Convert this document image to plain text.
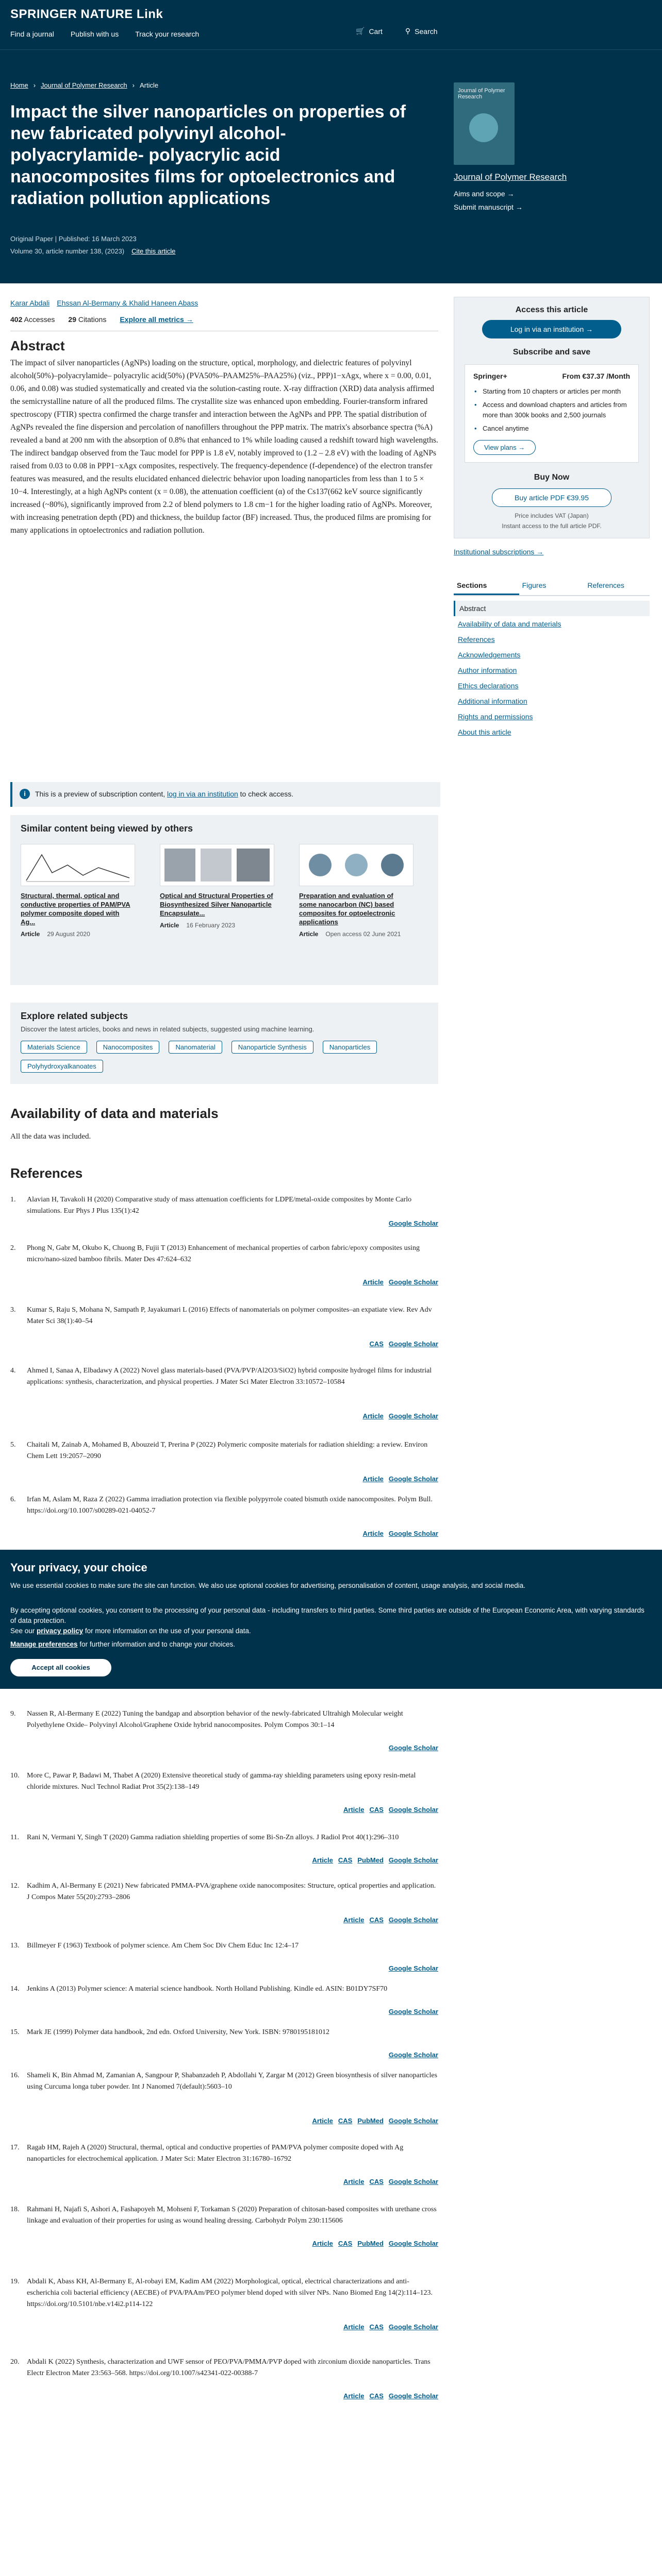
SPRINGER NATURE Link
Find a journal Publish with us Track your research	🛒 Cart	⚲ Search
Home › Journal of Polymer Research › Article
Impact the silver nanoparticles on properties of new fabricated polyvinyl alcohol- polyacrylamide- polyacrylic acid nanocomposites films for optoelectronics and radiation pollution applications
Original Paper | Published: 16 March 2023
Volume 30, article number 138, (2023) Cite this article
Journal of Polymer Research
Journal of Polymer Research
Aims and scope →
Submit manuscript →
Karar Abdali Ehssan Al-Bermany & Khalid Haneen Abass
402 Accesses 29 Citations Explore all metrics →
Abstract

The impact of silver nanoparticles (AgNPs) loading on the structure, optical, morphology, and dielectric features of polyvinyl alcohol(50%)–polyacrylamide– polyacrylic acid(50%) (PVA50%–PAAM25%–PAA25%) (viz., PPP)1−xAgx, where x = 0.00, 0.01, 0.06, and 0.08) was studied systematically and created via the solution-casting route. X-ray diffraction (XRD) data analysis affirmed the semicrystalline nature of all the produced films. The crystallite size was enhanced upon embedding. Fourier-transform infrared spectroscopy (FTIR) spectra confirmed the charge transfer and interaction between the AgNPs and PPP. The spatial distribution of AgNPs revealed the fine dispersion and percolation of nanofillers throughout the PPP matrix. The matrix's absorbance spectra (%A) revealed a band at 200 nm with the absorption of 0.8% that enhanced to 1% while loading caused a redshift toward high wavelengths. The indirect bandgap observed from the Tauc model for PPP is 1.8 eV, notably improved to (1.2 – 2.8 eV) with the loading of AgNPs raised from 0.03 to 0.08 in PPP1−xAgx composites, respectively. The frequency-dependence (f-dependence) of the electron transfer features was measured, and the results elucidated enhanced dielectric behavior upon loading nanoparticles from less than 1 to 5 × 10−4. Interestingly, at a high AgNPs content (x = 0.08), the attenuation coefficient (α) of the Cs137(662 keV source significantly increased (~80%), significantly improved from 2.2 of blend polymers to 1.8 cm−1 for the higher loading ratio of AgNPs. Moreover, with increasing penetration depth (PD) and thickness, the buildup factor (BF) increased. Thus, the produced films are promising for many applications in optoelectronics and radiation pollution.

Access this article
Log in via an institution →
Subscribe and save
Springer+	From €37.37 /Month
• Starting from 10 chapters or articles per month
• Access and download chapters and articles from more than 300k books and 2,500 journals
• Cancel anytime
View plans →
Buy Now
Buy article PDF €39.95
Price includes VAT (Japan)
Instant access to the full article PDF.
Institutional subscriptions →
Sections	Figures	References
Abstract
Availability of data and materials
References
Acknowledgements
Author information
Ethics declarations
Additional information
Rights and permissions
About this article
i	This is a preview of subscription content, log in via an institution to check access.
Similar content being viewed by others
Structural, thermal, optical and conductive properties of PAM/PVA polymer composite doped with Ag...
Article 29 August 2020
Optical and Structural Properties of Biosynthesized Silver Nanoparticle Encapsulate...
Article 16 February 2023
Preparation and evaluation of some nanocarbon (NC) based composites for optoelectronic applications
Article Open access 02 June 2021
Explore related subjects
Discover the latest articles, books and news in related subjects, suggested using machine learning.
Materials Science	Nanocomposites	Nanomaterial	Nanoparticle Synthesis	Nanoparticles
Polyhydroxyalkanoates
Availability of data and materials
All the data was included.
References
1.	Alavian H, Tavakoli H (2020) Comparative study of mass attenuation coefficients for LDPE/metal-oxide composites by Monte Carlo simulations. Eur Phys J Plus 135(1):42
Google Scholar
2.	Phong N, Gabr M, Okubo K, Chuong B, Fujii T (2013) Enhancement of mechanical properties of carbon fabric/epoxy composites using micro/nano-sized bamboo fibrils. Mater Des 47:624–632
Article Google Scholar
3.	Kumar S, Raju S, Mohana N, Sampath P, Jayakumari L (2016) Effects of nanomaterials on polymer composites–an expatiate view. Rev Adv Mater Sci 38(1):40–54
CAS Google Scholar
4.	Ahmed I, Sanaa A, Elbadawy A (2022) Novel glass materials-based (PVA/PVP/Al2O3/SiO2) hybrid composite hydrogel films for industrial applications: synthesis, characterization, and physical properties. J Mater Sci Mater Electron 33:10572–10584
Article Google Scholar
5.	Chaitali M, Zainab A, Mohamed B, Abouzeid T, Prerina P (2022) Polymeric composite materials for radiation shielding: a review. Environ Chem Lett 19:2057–2090
Article Google Scholar
6.	Irfan M, Aslam M, Raza Z (2022) Gamma irradiation protection via flexible polypyrrole coated bismuth oxide nanocomposites. Polym Bull. https://doi.org/10.1007/s00289-021-04052-7
Article Google Scholar
9.	Nassen R, Al-Bermany E (2022) Tuning the bandgap and absorption behavior of the newly-fabricated Ultrahigh Molecular weight Polyethylene Oxide– Polyvinyl Alcohol/Graphene Oxide hybrid nanocomposites. Polym Compos 30:1–14
Google Scholar
10.	More C, Pawar P, Badawi M, Thabet A (2020) Extensive theoretical study of gamma-ray shielding parameters using epoxy resin-metal chloride mixtures. Nucl Technol Radiat Prot 35(2):138–149
Article CAS Google Scholar
11.	Rani N, Vermani Y, Singh T (2020) Gamma radiation shielding properties of some Bi-Sn-Zn alloys. J Radiol Prot 40(1):296–310
Article CAS PubMed Google Scholar
12.	Kadhim A, Al-Bermany E (2021) New fabricated PMMA-PVA/graphene oxide nanocomposites: Structure, optical properties and application. J Compos Mater 55(20):2793–2806
Article CAS Google Scholar
13.	Billmeyer F (1963) Textbook of polymer science. Am Chem Soc Div Chem Educ Inc 12:4–17
Google Scholar
14.	Jenkins A (2013) Polymer science: A material science handbook. North Holland Publishing. Kindle ed. ASIN: B01DY7SF70
Google Scholar
15.	Mark JE (1999) Polymer data handbook, 2nd edn. Oxford University, New York. ISBN: 9780195181012
Google Scholar
16.	Shameli K, Bin Ahmad M, Zamanian A, Sangpour P, Shabanzadeh P, Abdollahi Y, Zargar M (2012) Green biosynthesis of silver nanoparticles using Curcuma longa tuber powder. Int J Nanomed 7(default):5603–10
Article CAS PubMed Google Scholar
17.	Ragab HM, Rajeh A (2020) Structural, thermal, optical and conductive properties of PAM/PVA polymer composite doped with Ag nanoparticles for electrochemical application. J Mater Sci: Mater Electron 31:16780–16792
Article CAS Google Scholar
18.	Rahmani H, Najafi S, Ashori A, Fashapoyeh M, Mohseni F, Torkaman S (2020) Preparation of chitosan-based composites with urethane cross linkage and evaluation of their properties for using as wound healing dressing. Carbohydr Polym 230:115606
Article CAS PubMed Google Scholar
19.	Abdali K, Abass KH, Al-Bermany E, Al-robayi EM, Kadim AM (2022) Morphological, optical, electrical characterizations and anti-escherichia coli bacterial efficiency (AECBE) of PVA/PAAm/PEO polymer blend doped with silver NPs. Nano Biomed Eng 14(2):114–123. https://doi.org/10.5101/nbe.v14i2.p114-122
Article CAS Google Scholar
20.	Abdali K (2022) Synthesis, characterization and UWF sensor of PEO/PVA/PMMA/PVP doped with zirconium dioxide nanoparticles. Trans Electr Electron Mater 23:563–568. https://doi.org/10.1007/s42341-022-00388-7
Article CAS Google Scholar
Your privacy, your choice
We use essential cookies to make sure the site can function. We also use optional cookies for advertising, personalisation of content, usage analysis, and social media.
By accepting optional cookies, you consent to the processing of your personal data - including transfers to third parties. Some third parties are outside of the European Economic Area, with varying standards of data protection.
See our privacy policy for more information on the use of your personal data.
Manage preferences for further information and to change your choices.
Accept all cookies
